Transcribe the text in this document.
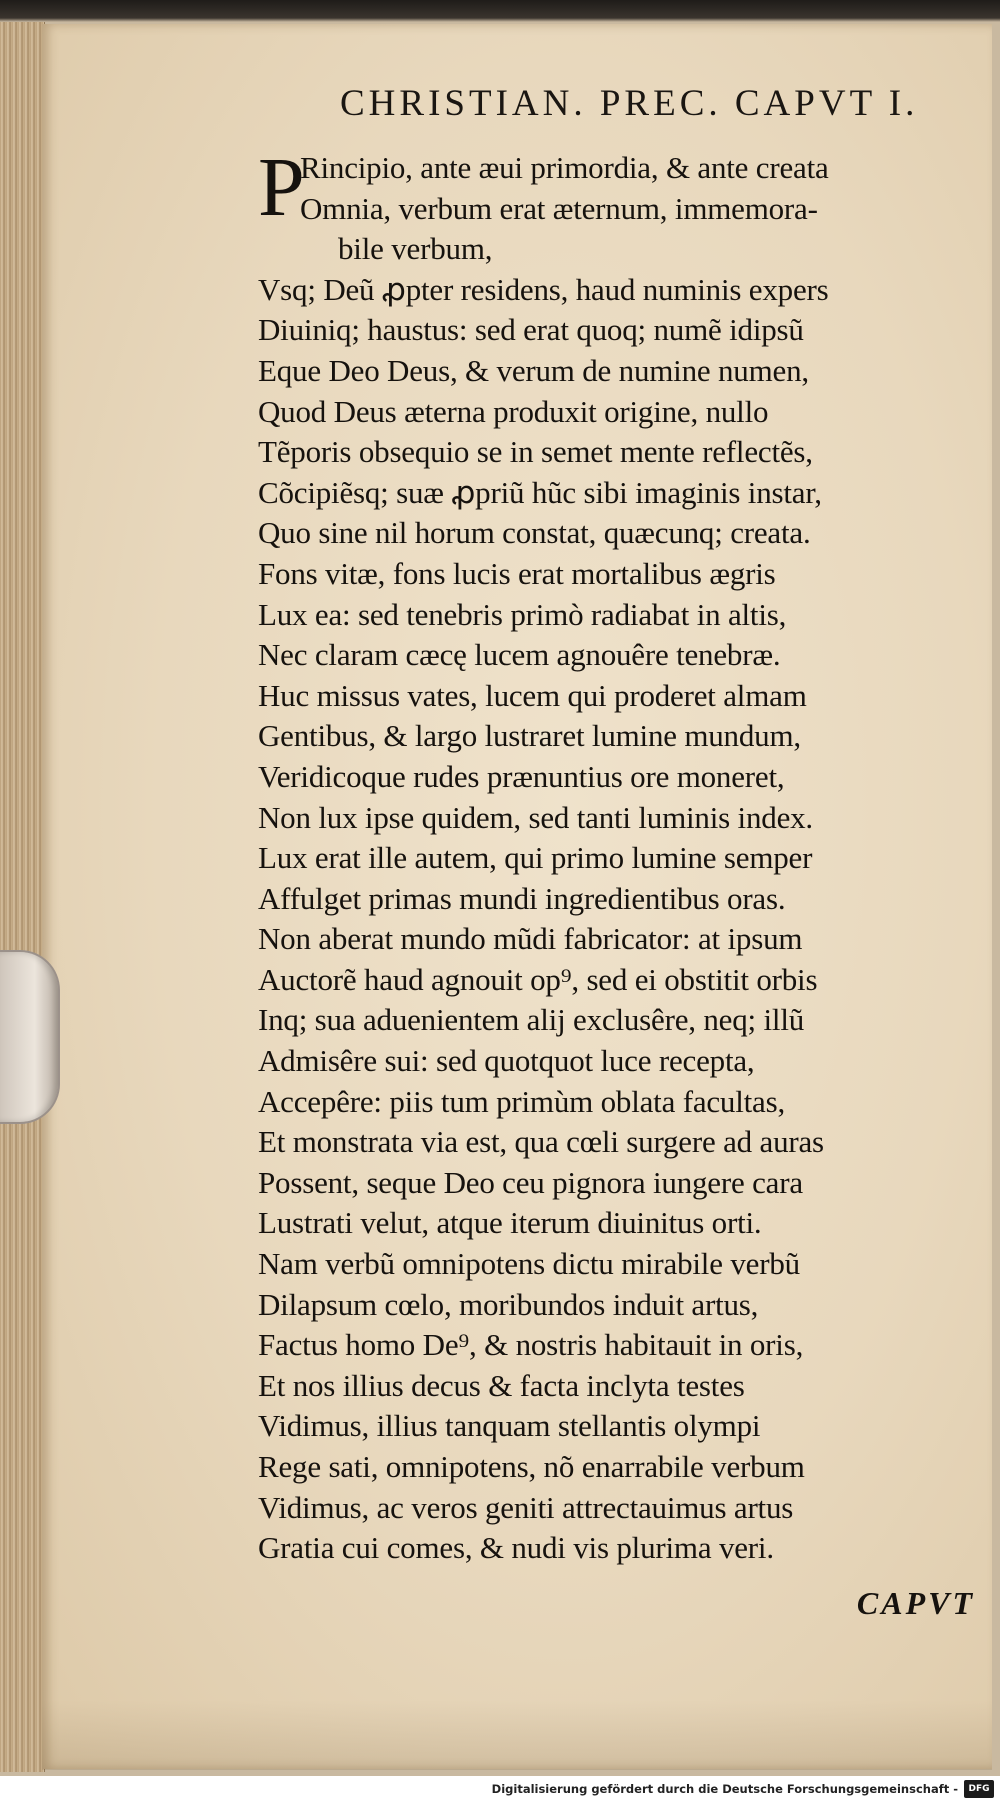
CHRISTIAN. PREC. CAPVT I.
P
Rincipio, ante æui primordia, & ante creata
Omnia, verbum erat æternum, immemora-
bile verbum,
Vsq; Deũ ꝓpter residens, haud numinis expers
Diuiniq; haustus: sed erat quoq; numẽ idipsũ
Eque Deo Deus, & verum de numine numen,
Quod Deus æterna produxit origine, nullo
Tẽporis obsequio se in semet mente reflectẽs,
Cõcipiẽsq; suæ ꝓpriũ hũc sibi imaginis instar,
Quo sine nil horum constat, quæcunq; creata.
Fons vitæ, fons lucis erat mortalibus ægris
Lux ea: sed tenebris primò radiabat in altis,
Nec claram cæcę lucem agnouêre tenebræ.
Huc missus vates, lucem qui proderet almam
Gentibus, & largo lustraret lumine mundum,
Veridicoque rudes prænuntius ore moneret,
Non lux ipse quidem, sed tanti luminis index.
Lux erat ille autem, qui primo lumine semper
Affulget primas mundi ingredientibus oras.
Non aberat mundo mũdi fabricator: at ipsum
Auctorẽ haud agnouit op⁹, sed ei obstitit orbis
Inq; sua aduenientem alij exclusêre, neq; illũ
Admisêre sui: sed quotquot luce recepta,
Accepêre: piis tum primùm oblata facultas,
Et monstrata via est, qua cœli surgere ad auras
Possent, seque Deo ceu pignora iungere cara
Lustrati velut, atque iterum diuinitus orti.
Nam verbũ omnipotens dictu mirabile verbũ
Dilapsum cœlo, moribundos induit artus,
Factus homo De⁹, & nostris habitauit in oris,
Et nos illius decus & facta inclyta testes
Vidimus, illius tanquam stellantis olympi
Rege sati, omnipotens, nõ enarrabile verbum
Vidimus, ac veros geniti attrectauimus artus
Gratia cui comes, & nudi vis plurima veri.
CAPVT
Digitalisierung gefördert durch die Deutsche Forschungsgemeinschaft -	DFG
